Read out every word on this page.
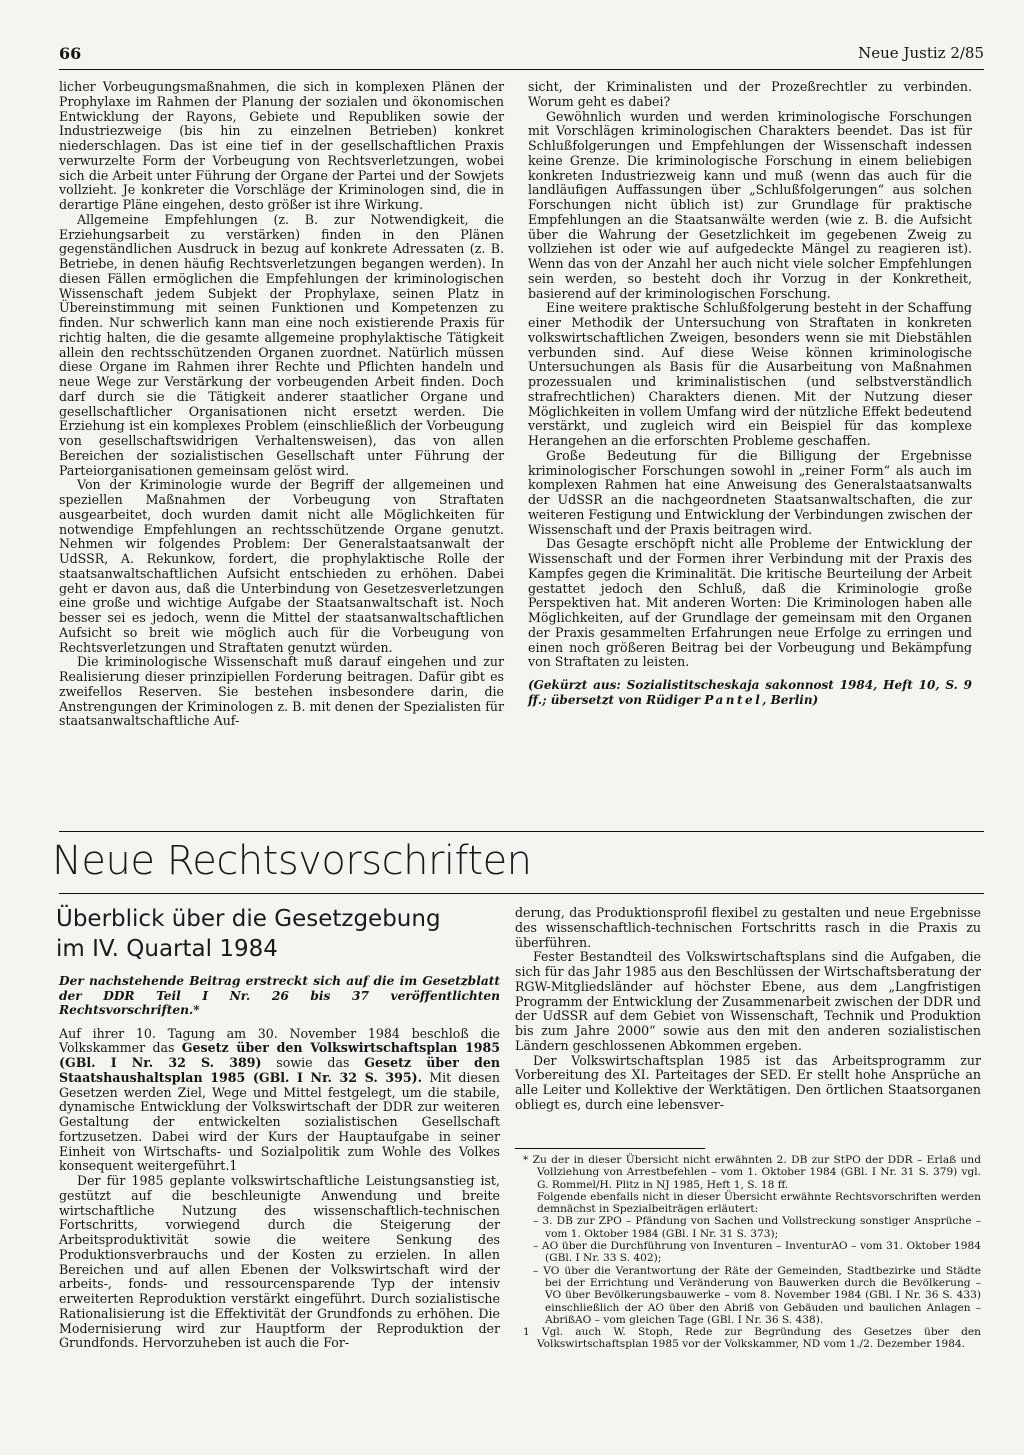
66	Neue Justiz 2/85

licher Vorbeugungsmaßnahmen, die sich in komplexen Plänen der Prophylaxe im Rahmen der Planung der sozialen und ökonomischen Entwicklung der Rayons, Gebiete und Republiken sowie der Industriezweige (bis hin zu einzelnen Betrieben) konkret niederschlagen. Das ist eine tief in der gesellschaftlichen Praxis verwurzelte Form der Vorbeugung von Rechtsverletzungen, wobei sich die Arbeit unter Führung der Organe der Partei und der Sowjets vollzieht. Je konkreter die Vorschläge der Kriminologen sind, die in derartige Pläne eingehen, desto größer ist ihre Wirkung.

Allgemeine Empfehlungen (z. B. zur Notwendigkeit, die Erziehungsarbeit zu verstärken) finden in den Plänen gegenständlichen Ausdruck in bezug auf konkrete Adressaten (z. B. Betriebe, in denen häufig Rechtsverletzungen begangen werden). In diesen Fällen ermöglichen die Empfehlungen der kriminologischen Wissenschaft jedem Subjekt der Prophylaxe, seinen Platz in Übereinstimmung mit seinen Funktionen und Kompetenzen zu finden. Nur schwerlich kann man eine noch existierende Praxis für richtig halten, die die gesamte allgemeine prophylaktische Tätigkeit allein den rechtsschützenden Organen zuordnet. Natürlich müssen diese Organe im Rahmen ihrer Rechte und Pflichten handeln und neue Wege zur Verstärkung der vorbeugenden Arbeit finden. Doch darf durch sie die Tätigkeit anderer staatlicher Organe und gesellschaftlicher Organisationen nicht ersetzt werden. Die Erziehung ist ein komplexes Problem (einschließlich der Vorbeugung von gesellschaftswidrigen Verhaltensweisen), das von allen Bereichen der sozialistischen Gesellschaft unter Führung der Parteiorganisationen gemeinsam gelöst wird.

Von der Kriminologie wurde der Begriff der allgemeinen und speziellen Maßnahmen der Vorbeugung von Straftaten ausgearbeitet, doch wurden damit nicht alle Möglichkeiten für notwendige Empfehlungen an rechtsschützende Organe genutzt. Nehmen wir folgendes Problem: Der Generalstaatsanwalt der UdSSR, A. Rekunkow, fordert, die prophylaktische Rolle der staatsanwaltschaftlichen Aufsicht entschieden zu erhöhen. Dabei geht er davon aus, daß die Unterbindung von Gesetzesverletzungen eine große und wichtige Aufgabe der Staatsanwaltschaft ist. Noch besser sei es jedoch, wenn die Mittel der staatsanwaltschaftlichen Aufsicht so breit wie möglich auch für die Vorbeugung von Rechtsverletzungen und Straftaten genutzt würden.

Die kriminologische Wissenschaft muß darauf eingehen und zur Realisierung dieser prinzipiellen Forderung beitragen. Dafür gibt es zweifellos Reserven. Sie bestehen insbesondere darin, die Anstrengungen der Kriminologen z. B. mit denen der Spezialisten für staatsanwaltschaftliche Auf-

sicht, der Kriminalisten und der Prozeßrechtler zu verbinden. Worum geht es dabei?

Gewöhnlich wurden und werden kriminologische Forschungen mit Vorschlägen kriminologischen Charakters beendet. Das ist für Schlußfolgerungen und Empfehlungen der Wissenschaft indessen keine Grenze. Die kriminologische Forschung in einem beliebigen konkreten Industriezweig kann und muß (wenn das auch für die landläufigen Auffassungen über „Schlußfolgerungen“ aus solchen Forschungen nicht üblich ist) zur Grundlage für praktische Empfehlungen an die Staatsanwälte werden (wie z. B. die Aufsicht über die Wahrung der Gesetzlichkeit im gegebenen Zweig zu vollziehen ist oder wie auf aufgedeckte Mängel zu reagieren ist). Wenn das von der Anzahl her auch nicht viele solcher Empfehlungen sein werden, so besteht doch ihr Vorzug in der Konkretheit, basierend auf der kriminologischen Forschung.

Eine weitere praktische Schlußfolgerung besteht in der Schaffung einer Methodik der Untersuchung von Straftaten in konkreten volkswirtschaftlichen Zweigen, besonders wenn sie mit Diebstählen verbunden sind. Auf diese Weise können kriminologische Untersuchungen als Basis für die Ausarbeitung von Maßnahmen prozessualen und kriminalistischen (und selbstverständlich strafrechtlichen) Charakters dienen. Mit der Nutzung dieser Möglichkeiten in vollem Umfang wird der nützliche Effekt bedeutend verstärkt, und zugleich wird ein Beispiel für das komplexe Herangehen an die erforschten Probleme geschaffen.

Große Bedeutung für die Billigung der Ergebnisse kriminologischer Forschungen sowohl in „reiner Form“ als auch im komplexen Rahmen hat eine Anweisung des Generalstaatsanwalts der UdSSR an die nachgeordneten Staatsanwaltschaften, die zur weiteren Festigung und Entwicklung der Verbindungen zwischen der Wissenschaft und der Praxis beitragen wird.

Das Gesagte erschöpft nicht alle Probleme der Entwicklung der Wissenschaft und der Formen ihrer Verbindung mit der Praxis des Kampfes gegen die Kriminalität. Die kritische Beurteilung der Arbeit gestattet jedoch den Schluß, daß die Kriminologie große Perspektiven hat. Mit anderen Worten: Die Kriminologen haben alle Möglichkeiten, auf der Grundlage der gemeinsam mit den Organen der Praxis gesammelten Erfahrungen neue Erfolge zu erringen und einen noch größeren Beitrag bei der Vorbeugung und Bekämpfung von Straftaten zu leisten.

(Gekürzt aus: Sozialistitscheskaja sakonnost 1984, Heft 10, S. 9 ff.; übersetzt von Rüdiger Pantel, Berlin)

Neue Rechtsvorschriften
Überblick über die Gesetzgebung
im IV. Quartal 1984

Der nachstehende Beitrag erstreckt sich auf die im Gesetzblatt der DDR Teil I Nr. 26 bis 37 veröffentlichten Rechtsvorschriften.*

Auf ihrer 10. Tagung am 30. November 1984 beschloß die Volkskammer das Gesetz über den Volkswirtschaftsplan 1985 (GBl. I Nr. 32 S. 389) sowie das Gesetz über den Staatshaushaltsplan 1985 (GBl. I Nr. 32 S. 395). Mit diesen Gesetzen werden Ziel, Wege und Mittel festgelegt, um die stabile, dynamische Entwicklung der Volkswirtschaft der DDR zur weiteren Gestaltung der entwickelten sozialistischen Gesellschaft fortzusetzen. Dabei wird der Kurs der Hauptaufgabe in seiner Einheit von Wirtschafts- und Sozialpolitik zum Wohle des Volkes konsequent weitergeführt.1

Der für 1985 geplante volkswirtschaftliche Leistungsanstieg ist, gestützt auf die beschleunigte Anwendung und breite wirtschaftliche Nutzung des wissenschaftlich-technischen Fortschritts, vorwiegend durch die Steigerung der Arbeitsproduktivität sowie die weitere Senkung des Produktionsverbrauchs und der Kosten zu erzielen. In allen Bereichen und auf allen Ebenen der Volkswirtschaft wird der arbeits-, fonds- und ressourcensparende Typ der intensiv erweiterten Reproduktion verstärkt eingeführt. Durch sozialistische Rationalisierung ist die Effektivität der Grundfonds zu erhöhen. Die Modernisierung wird zur Hauptform der Reproduktion der Grundfonds. Hervorzuheben ist auch die For-

derung, das Produktionsprofil flexibel zu gestalten und neue Ergebnisse des wissenschaftlich-technischen Fortschritts rasch in die Praxis zu überführen.

Fester Bestandteil des Volkswirtschaftsplans sind die Aufgaben, die sich für das Jahr 1985 aus den Beschlüssen der Wirtschaftsberatung der RGW-Mitgliedsländer auf höchster Ebene, aus dem „Langfristigen Programm der Entwicklung der Zusammenarbeit zwischen der DDR und der UdSSR auf dem Gebiet von Wissenschaft, Technik und Produktion bis zum Jahre 2000“ sowie aus den mit den anderen sozialistischen Ländern geschlossenen Abkommen ergeben.

Der Volkswirtschaftsplan 1985 ist das Arbeitsprogramm zur Vorbereitung des XI. Parteitages der SED. Er stellt hohe Ansprüche an alle Leiter und Kollektive der Werktätigen. Den örtlichen Staatsorganen obliegt es, durch eine lebensver-

* Zu der in dieser Übersicht nicht erwähnten 2. DB zur StPO der DDR – Erlaß und Vollziehung von Arrestbefehlen – vom 1. Oktober 1984 (GBl. I Nr. 31 S. 379) vgl. G. Rommel/H. Plitz in NJ 1985, Heft 1, S. 18 ff.

Folgende ebenfalls nicht in dieser Übersicht erwähnte Rechtsvorschriften werden demnächst in Spezialbeiträgen erläutert:

– 3. DB zur ZPO – Pfändung von Sachen und Vollstreckung sonstiger Ansprüche – vom 1. Oktober 1984 (GBl. I Nr. 31 S. 373);

– AO über die Durchführung von Inventuren – InventurAO – vom 31. Oktober 1984 (GBl. I Nr. 33 S. 402);

– VO über die Verantwortung der Räte der Gemeinden, Stadtbezirke und Städte bei der Errichtung und Veränderung von Bauwerken durch die Bevölkerung – VO über Bevölkerungsbauwerke – vom 8. November 1984 (GBl. I Nr. 36 S. 433) einschließlich der AO über den Abriß von Gebäuden und baulichen Anlagen – AbrißAO – vom gleichen Tage (GBl. I Nr. 36 S. 438).

1 Vgl. auch W. Stoph, Rede zur Begründung des Gesetzes über den Volkswirtschaftsplan 1985 vor der Volkskammer, ND vom 1./2. Dezember 1984.
